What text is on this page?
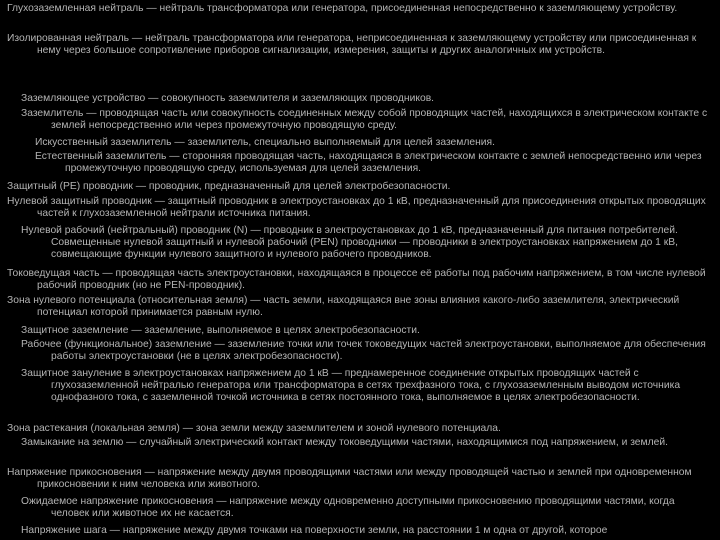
Глухозаземленная нейтраль — нейтраль трансформатора или генератора, присоединенная непосредственно к заземляющему устройству.

Изолированная нейтраль — нейтраль трансформатора или генератора, неприсоединенная к заземляющему устройству или присоединенная к нему через большое сопротивление приборов сигнализации, измерения, защиты и других аналогичных им устройств.

Заземляющее устройство — совокупность заземлителя и заземляющих проводников.

Заземлитель — проводящая часть или совокупность соединенных между собой проводящих частей, находящихся в электрическом контакте с землей непосредственно или через промежуточную проводящую среду.

Искусственный заземлитель — заземлитель, специально выполняемый для целей заземления.

Естественный заземлитель — сторонняя проводящая часть, находящаяся в электрическом контакте с землей непосредственно или через промежуточную проводящую среду, используемая для целей заземления.

Защитный (PE) проводник — проводник, предназначенный для целей электробезопасности.

Нулевой защитный проводник — защитный проводник в электроустановках до 1 кВ, предназначенный для присоединения открытых проводящих частей к глухозаземленной нейтрали источника питания.

Нулевой рабочий (нейтральный) проводник (N) — проводник в электроустановках до 1 кВ, предназначенный для питания потребителей. Совмещенные нулевой защитный и нулевой рабочий (PEN) проводники — проводники в электроустановках напряжением до 1 кВ, совмещающие функции нулевого защитного и нулевого рабочего проводников.

Токоведущая часть — проводящая часть электроустановки, находящаяся в процессе её работы под рабочим напряжением, в том числе нулевой рабочий проводник (но не PEN-проводник).

Зона нулевого потенциала (относительная земля) — часть земли, находящаяся вне зоны влияния какого-либо заземлителя, электрический потенциал которой принимается равным нулю.

Защитное заземление — заземление, выполняемое в целях электробезопасности.

Рабочее (функциональное) заземление — заземление точки или точек токоведущих частей электроустановки, выполняемое для обеспечения работы электроустановки (не в целях электробезопасности).

Защитное зануление в электроустановках напряжением до 1 кВ — преднамеренное соединение открытых проводящих частей с глухозаземленной нейтралью генератора или трансформатора в сетях трехфазного тока, с глухозаземленным выводом источника однофазного тока, с заземленной точкой источника в сетях постоянного тока, выполняемое в целях электробезопасности.

Зона растекания (локальная земля) — зона земли между заземлителем и зоной нулевого потенциала.

Замыкание на землю — случайный электрический контакт между токоведущими частями, находящимися под напряжением, и землей.

Напряжение прикосновения — напряжение между двумя проводящими частями или между проводящей частью и землей при одновременном прикосновении к ним человека или животного.

Ожидаемое напряжение прикосновения — напряжение между одновременно доступными прикосновению проводящими частями, когда человек или животное их не касается.

Напряжение шага — напряжение между двумя точками на поверхности земли, на расстоянии 1 м одна от другой, которое
